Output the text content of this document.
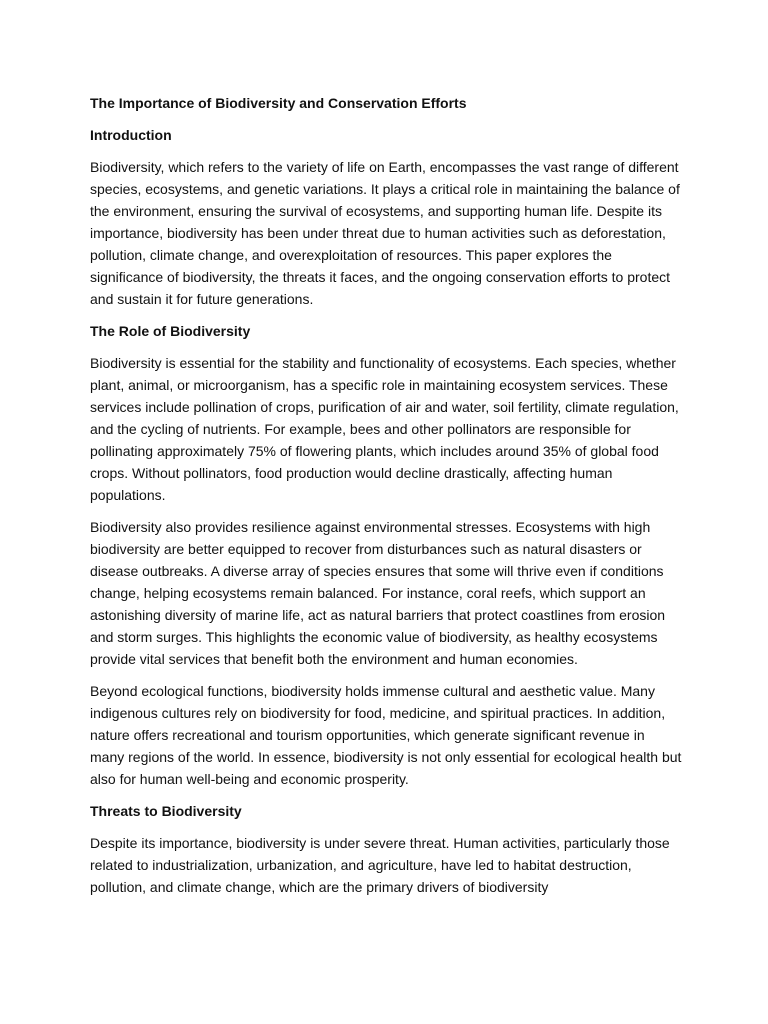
The Importance of Biodiversity and Conservation Efforts
Introduction

Biodiversity, which refers to the variety of life on Earth, encompasses the vast range of different species, ecosystems, and genetic variations. It plays a critical role in maintaining the balance of the environment, ensuring the survival of ecosystems, and supporting human life. Despite its importance, biodiversity has been under threat due to human activities such as deforestation, pollution, climate change, and overexploitation of resources. This paper explores the significance of biodiversity, the threats it faces, and the ongoing conservation efforts to protect and sustain it for future generations.

The Role of Biodiversity

Biodiversity is essential for the stability and functionality of ecosystems. Each species, whether plant, animal, or microorganism, has a specific role in maintaining ecosystem services. These services include pollination of crops, purification of air and water, soil fertility, climate regulation, and the cycling of nutrients. For example, bees and other pollinators are responsible for pollinating approximately 75% of flowering plants, which includes around 35% of global food crops. Without pollinators, food production would decline drastically, affecting human populations.

Biodiversity also provides resilience against environmental stresses. Ecosystems with high biodiversity are better equipped to recover from disturbances such as natural disasters or disease outbreaks. A diverse array of species ensures that some will thrive even if conditions change, helping ecosystems remain balanced. For instance, coral reefs, which support an astonishing diversity of marine life, act as natural barriers that protect coastlines from erosion and storm surges. This highlights the economic value of biodiversity, as healthy ecosystems provide vital services that benefit both the environment and human economies.

Beyond ecological functions, biodiversity holds immense cultural and aesthetic value. Many indigenous cultures rely on biodiversity for food, medicine, and spiritual practices. In addition, nature offers recreational and tourism opportunities, which generate significant revenue in many regions of the world. In essence, biodiversity is not only essential for ecological health but also for human well-being and economic prosperity.

Threats to Biodiversity

Despite its importance, biodiversity is under severe threat. Human activities, particularly those related to industrialization, urbanization, and agriculture, have led to habitat destruction, pollution, and climate change, which are the primary drivers of biodiversity
